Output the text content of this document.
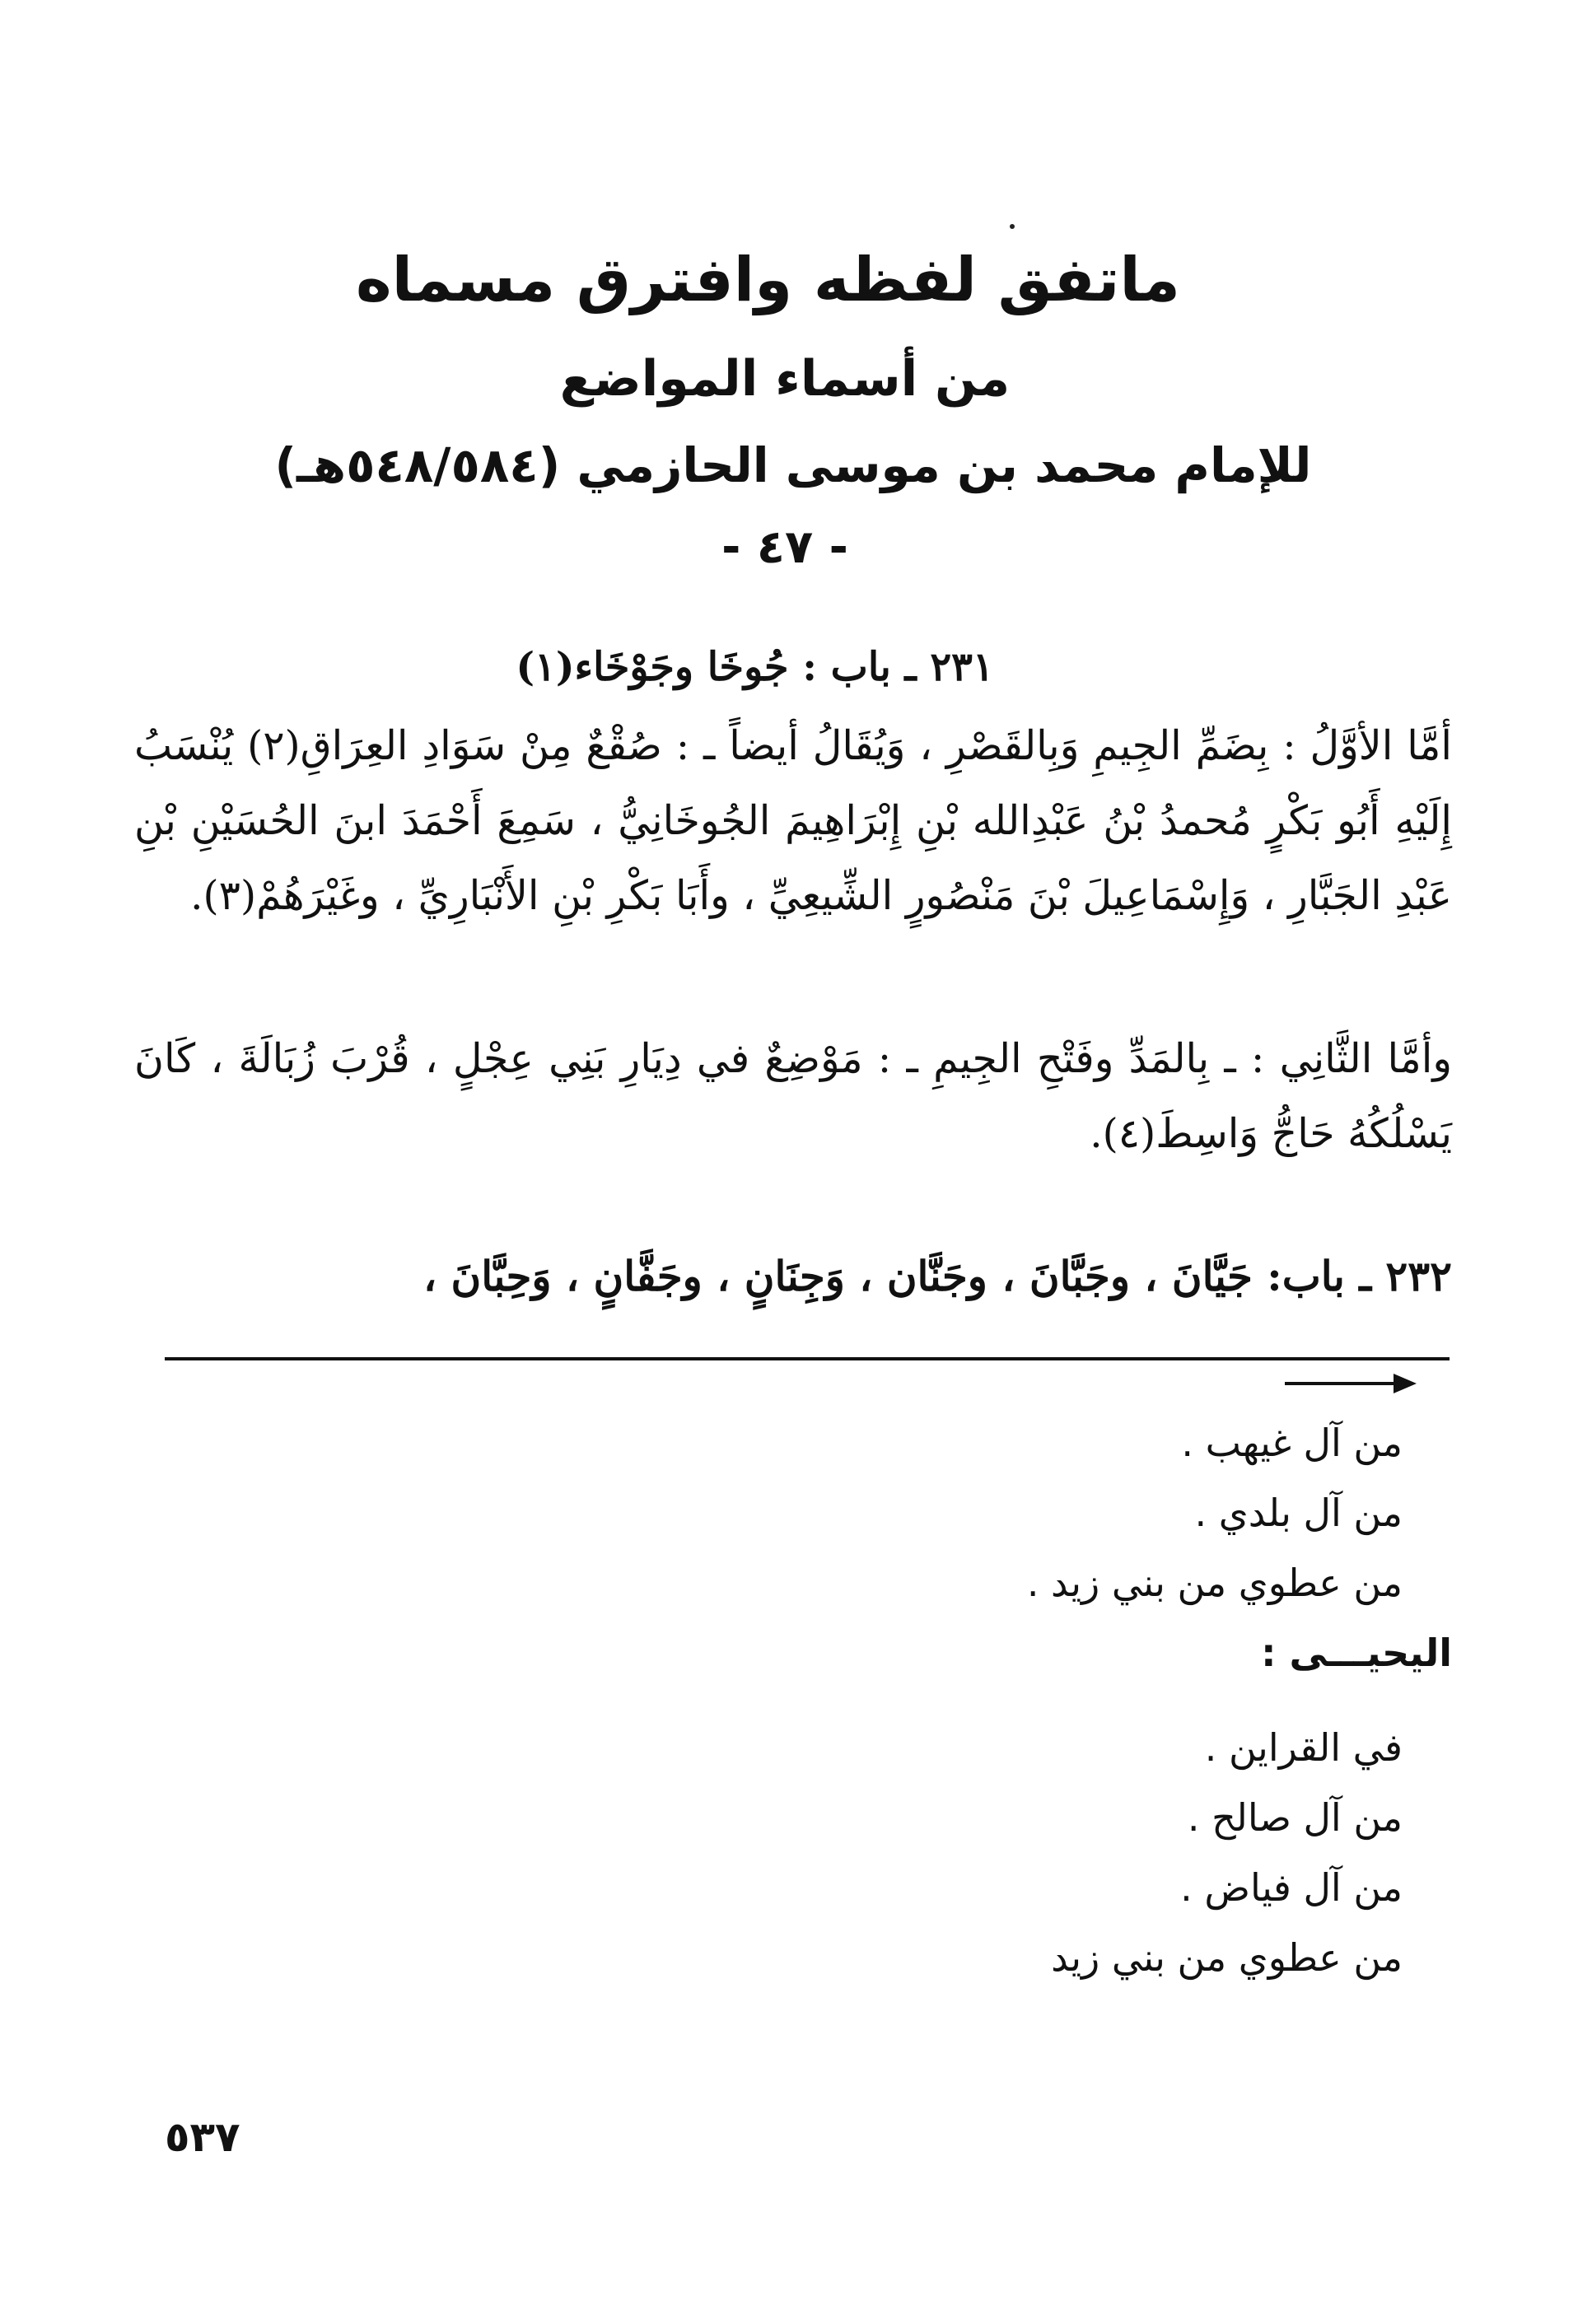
ماتفق لفظه وافترق مسماه
من أسماء المواضع
للإمام محمد بن موسى الحازمي (٥٤٨/٥٨٤هـ)
- ٤٧ -
٢٣١ ـ باب : جُوخَا وجَوْخَاء(١)
أمَّا الأوَّلُ : بِضَمِّ الجِيمِ وَبِالقَصْرِ ، وَيُقَالُ أيضاً ـ : صُقْعٌ مِنْ سَوَادِ العِرَاقِ(٢) يُنْسَبُ إِلَيْهِ أَبُو بَكْرٍ مُحمدُ بْنُ عَبْدِالله بْنِ إِبْرَاهِيمَ الجُوخَانِيُّ ، سَمِعَ أَحْمَدَ ابنَ الحُسَيْنِ بْنِ عَبْدِ الجَبَّارِ ، وَإِسْمَاعِيلَ بْنَ مَنْصُورٍ الشِّيعِيِّ ، وأَبَا بَكْرِ بْنِ الأَنْبَارِيِّ ، وغَيْرَهُمْ(٣).
وأمَّا الثَّانِي : ـ بِالمَدِّ وفَتْحِ الجِيمِ ـ : مَوْضِعٌ في دِيَارِ بَنِي عِجْلٍ ، قُرْبَ زُبَالَةَ ، كَانَ يَسْلُكُهُ حَاجُّ وَاسِطَ(٤).
٢٣٢ ـ باب: جَيَّانَ ، وجَبَّانَ ، وجَنَّان ، وَجِنَانٍ ، وجَفَّانٍ ، وَحِبَّانَ ،
من آل غيهب .
من آل بلدي .
من عطوي من بني زيد .
اليحيـــى :
في القراين .
من آل صالح .
من آل فياض .
من عطوي من بني زيد
٥٣٧
